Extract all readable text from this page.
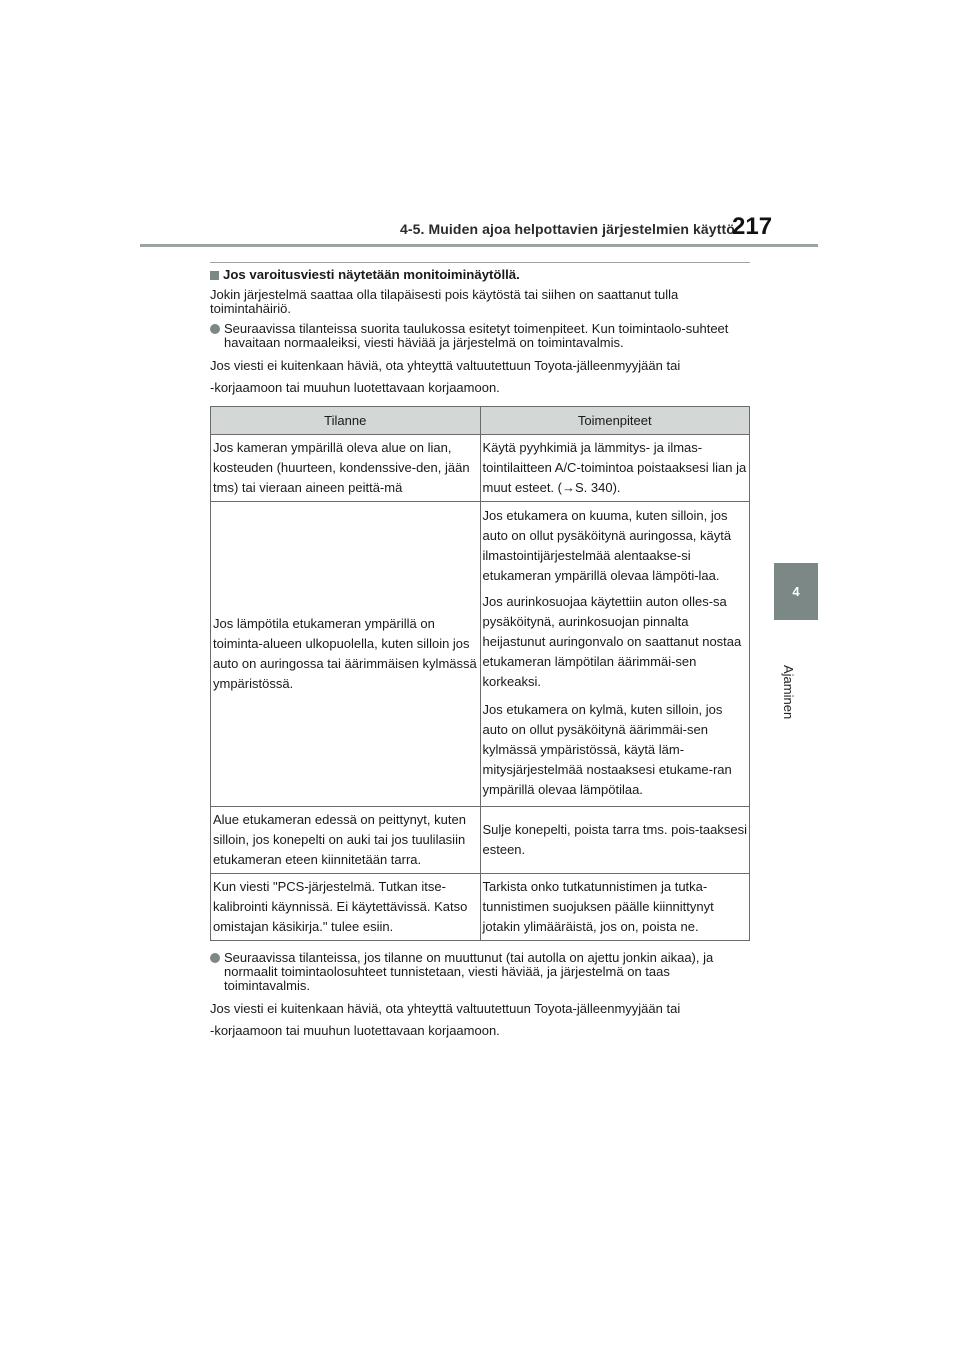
4-5. Muiden ajoa helpottavien järjestelmien käyttö
217
4
Ajaminen
Jos varoitusviesti näytetään monitoiminäytöllä.

Jokin järjestelmä saattaa olla tilapäisesti pois käytöstä tai siihen on saattanut tulla toimintahäiriö.

Seuraavissa tilanteissa suorita taulukossa esitetyt toimenpiteet. Kun toimintaolo-suhteet havaitaan normaaleiksi, viesti häviää ja järjestelmä on toimintavalmis.
Jos viesti ei kuitenkaan häviä, ota yhteyttä valtuutettuun Toyota-jälleenmyyjään tai
-korjaamoon tai muuhun luotettavaan korjaamoon.
Tilanne	Toimenpiteet
Jos kameran ympärillä oleva alue on lian, kosteuden (huurteen, kondenssive-den, jään tms) tai vieraan aineen peittä-mä	Käytä pyyhkimiä ja lämmitys- ja ilmas-tointilaitteen A/C-toimintoa poistaaksesi lian ja muut esteet. (→S. 340).
Jos lämpötila etukameran ympärillä on toiminta-alueen ulkopuolella, kuten silloin jos auto on auringossa tai äärimmäisen kylmässä ympäristössä.	Jos etukamera on kuuma, kuten silloin, jos auto on ollut pysäköitynä auringossa, käytä ilmastointijärjestelmää alentaakse-si etukameran ympärillä olevaa lämpöti-laa.
Jos aurinkosuojaa käytettiin auton olles-sa pysäköitynä, aurinkosuojan pinnalta heijastunut auringonvalo on saattanut nostaa etukameran lämpötilan äärimmäi-sen korkeaksi.
Jos etukamera on kylmä, kuten silloin, jos auto on ollut pysäköitynä äärimmäi-sen kylmässä ympäristössä, käytä läm-mitysjärjestelmää nostaaksesi etukame-ran ympärillä olevaa lämpötilaa.

Alue etukameran edessä on peittynyt, kuten silloin, jos konepelti on auki tai jos tuulilasiin etukameran eteen kiinnitetään tarra.	Sulje konepelti, poista tarra tms. pois-taaksesi esteen.
Kun viesti "PCS-järjestelmä. Tutkan itse-kalibrointi käynnissä. Ei käytettävissä. Katso omistajan käsikirja." tulee esiin.	Tarkista onko tutkatunnistimen ja tutka-tunnistimen suojuksen päälle kiinnittynyt jotakin ylimääräistä, jos on, poista ne.
Seuraavissa tilanteissa, jos tilanne on muuttunut (tai autolla on ajettu jonkin aikaa), ja normaalit toimintaolosuhteet tunnistetaan, viesti häviää, ja järjestelmä on taas toimintavalmis.
Jos viesti ei kuitenkaan häviä, ota yhteyttä valtuutettuun Toyota-jälleenmyyjään tai
-korjaamoon tai muuhun luotettavaan korjaamoon.
